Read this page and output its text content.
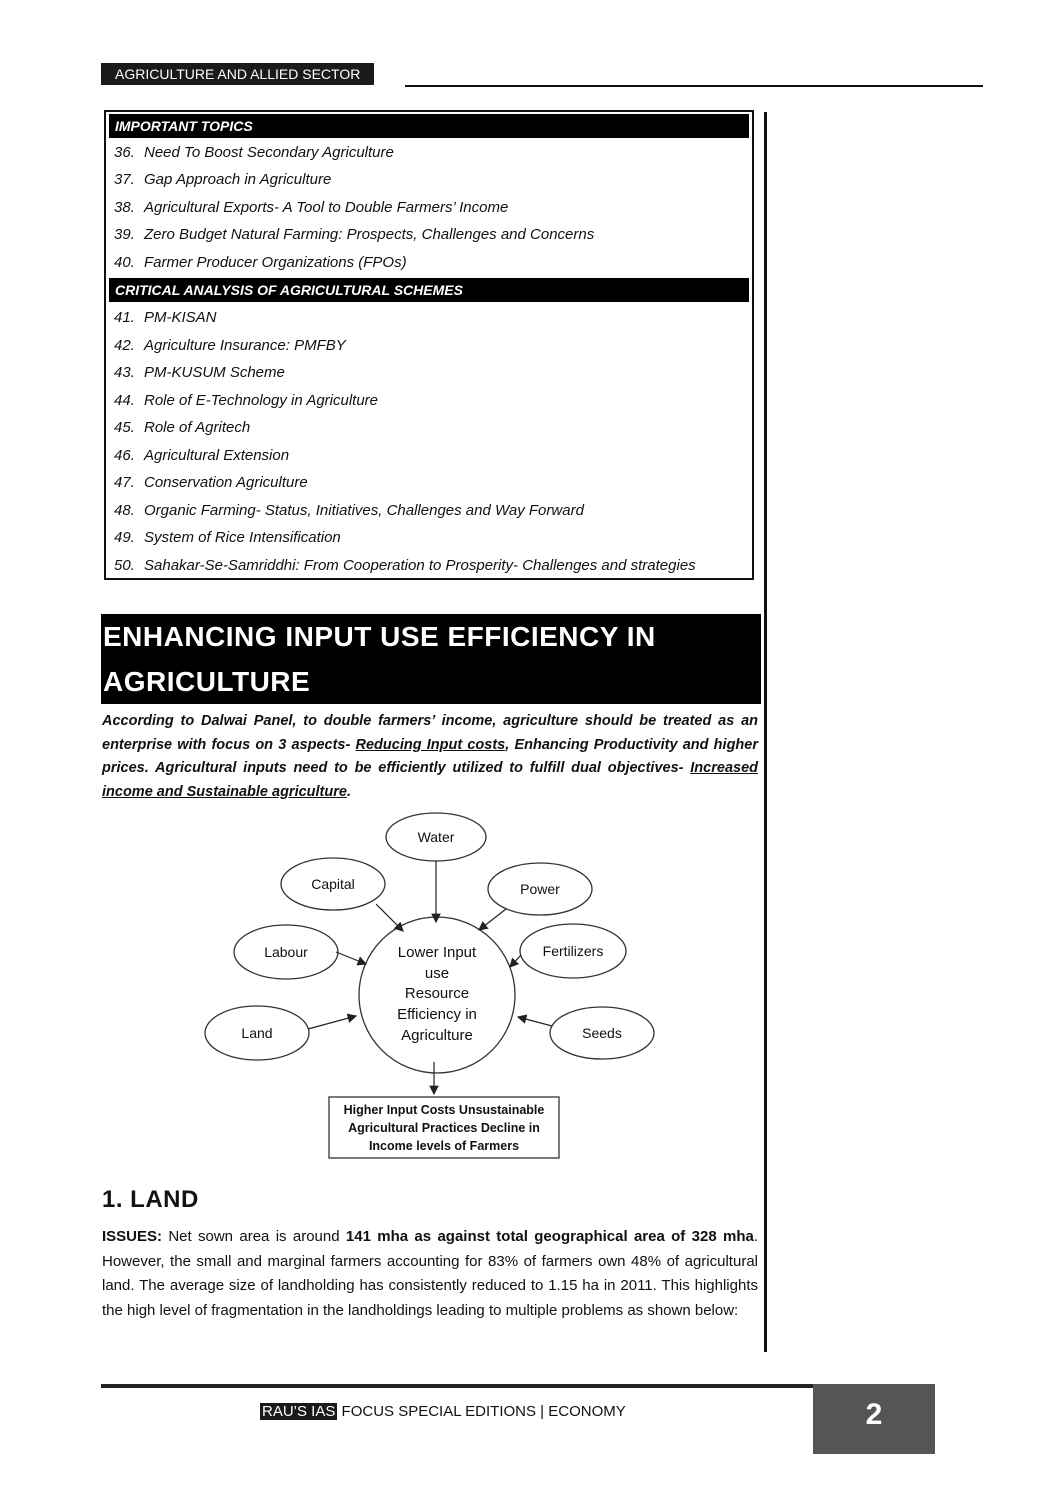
AGRICULTURE AND ALLIED SECTOR
IMPORTANT TOPICS
36. Need To Boost Secondary Agriculture
37. Gap Approach in Agriculture
38. Agricultural Exports- A Tool to Double Farmers’ Income
39. Zero Budget Natural Farming: Prospects, Challenges and Concerns
40. Farmer Producer Organizations (FPOs)
CRITICAL ANALYSIS OF AGRICULTURAL SCHEMES
41. PM-KISAN
42. Agriculture Insurance: PMFBY
43. PM-KUSUM Scheme
44. Role of E-Technology in Agriculture
45. Role of Agritech
46. Agricultural Extension
47. Conservation Agriculture
48. Organic Farming- Status, Initiatives, Challenges and Way Forward
49. System of Rice Intensification
50. Sahakar-Se-Samriddhi: From Cooperation to Prosperity- Challenges and strategies
ENHANCING INPUT USE EFFICIENCY IN
AGRICULTURE
According to Dalwai Panel, to double farmers’ income, agriculture should be treated as an enterprise with focus on 3 aspects- Reducing Input costs, Enhancing Productivity and higher prices. Agricultural inputs need to be efficiently utilized to fulfill dual objectives- Increased income and Sustainable agriculture.
Water
Capital	Power
Labour	Fertilizers
Land	Seeds
Lower Input
use
Resource
Efficiency in
Agriculture
Higher Input Costs Unsustainable
Agricultural Practices Decline in
Income levels of Farmers
1. LAND
ISSUES: Net sown area is around 141 mha as against total geographical area of 328 mha. However, the small and marginal farmers accounting for 83% of farmers own 48% of agricultural land. The average size of landholding has consistently reduced to 1.15 ha in 2011. This highlights the high level of fragmentation in the landholdings leading to multiple problems as shown below:
RAU’S IAS FOCUS SPECIAL EDITIONS | ECONOMY	2
